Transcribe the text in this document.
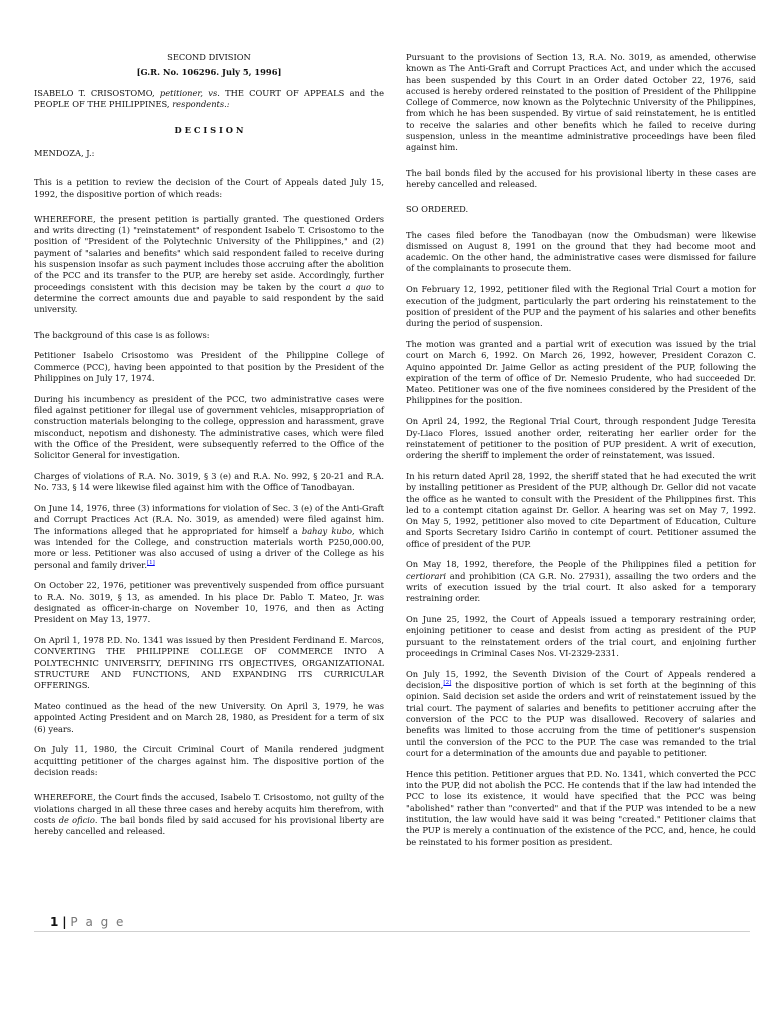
SECOND DIVISION

[G.R. No. 106296. July 5, 1996]

ISABELO T. CRISOSTOMO, petitioner, vs. THE COURT OF APPEALS and the PEOPLE OF THE PHILIPPINES, respondents.:

D E C I S I O N

MENDOZA, J.:

This is a petition to review the decision of the Court of Appeals dated July 15, 1992, the dispositive portion of which reads:

WHEREFORE, the present petition is partially granted. The questioned Orders and writs directing (1) "reinstatement" of respondent Isabelo T. Crisostomo to the position of "President of the Polytechnic University of the Philippines," and (2) payment of "salaries and benefits" which said respondent failed to receive during his suspension insofar as such payment includes those accruing after the abolition of the PCC and its transfer to the PUP, are hereby set aside. Accordingly, further proceedings consistent with this decision may be taken by the court a quo to determine the correct amounts due and payable to said respondent by the said university.

The background of this case is as follows:

Petitioner Isabelo Crisostomo was President of the Philippine College of Commerce (PCC), having been appointed to that position by the President of the Philippines on July 17, 1974.

During his incumbency as president of the PCC, two administrative cases were filed against petitioner for illegal use of government vehicles, misappropriation of construction materials belonging to the college, oppression and harassment, grave misconduct, nepotism and dishonesty. The administrative cases, which were filed with the Office of the President, were subsequently referred to the Office of the Solicitor General for investigation.

Charges of violations of R.A. No. 3019, § 3 (e) and R.A. No. 992, § 20-21 and R.A. No. 733, § 14 were likewise filed against him with the Office of Tanodbayan.

On June 14, 1976, three (3) informations for violation of Sec. 3 (e) of the Anti-Graft and Corrupt Practices Act (R.A. No. 3019, as amended) were filed against him. The informations alleged that he appropriated for himself a bahay kubo, which was intended for the College, and construction materials worth P250,000.00, more or less. Petitioner was also accused of using a driver of the College as his personal and family driver.[1]

On October 22, 1976, petitioner was preventively suspended from office pursuant to R.A. No. 3019, § 13, as amended. In his place Dr. Pablo T. Mateo, Jr. was designated as officer-in-charge on November 10, 1976, and then as Acting President on May 13, 1977.

On April 1, 1978 P.D. No. 1341 was issued by then President Ferdinand E. Marcos, CONVERTING THE PHILIPPINE COLLEGE OF COMMERCE INTO A POLYTECHNIC UNIVERSITY, DEFINING ITS OBJECTIVES, ORGANIZATIONAL STRUCTURE AND FUNCTIONS, AND EXPANDING ITS CURRICULAR OFFERINGS.

Mateo continued as the head of the new University. On April 3, 1979, he was appointed Acting President and on March 28, 1980, as President for a term of six (6) years.

On July 11, 1980, the Circuit Criminal Court of Manila rendered judgment acquitting petitioner of the charges against him. The dispositive portion of the decision reads:

WHEREFORE, the Court finds the accused, Isabelo T. Crisostomo, not guilty of the violations charged in all these three cases and hereby acquits him therefrom, with costs de oficio. The bail bonds filed by said accused for his provisional liberty are hereby cancelled and released.

Pursuant to the provisions of Section 13, R.A. No. 3019, as amended, otherwise known as The Anti-Graft and Corrupt Practices Act, and under which the accused has been suspended by this Court in an Order dated October 22, 1976, said accused is hereby ordered reinstated to the position of President of the Philippine College of Commerce, now known as the Polytechnic University of the Philippines, from which he has been suspended. By virtue of said reinstatement, he is entitled to receive the salaries and other benefits which he failed to receive during suspension, unless in the meantime administrative proceedings have been filed against him.

The bail bonds filed by the accused for his provisional liberty in these cases are hereby cancelled and released.

SO ORDERED.

The cases filed before the Tanodbayan (now the Ombudsman) were likewise dismissed on August 8, 1991 on the ground that they had become moot and academic. On the other hand, the administrative cases were dismissed for failure of the complainants to prosecute them.

On February 12, 1992, petitioner filed with the Regional Trial Court a motion for execution of the judgment, particularly the part ordering his reinstatement to the position of president of the PUP and the payment of his salaries and other benefits during the period of suspension.

The motion was granted and a partial writ of execution was issued by the trial court on March 6, 1992. On March 26, 1992, however, President Corazon C. Aquino appointed Dr. Jaime Gellor as acting president of the PUP, following the expiration of the term of office of Dr. Nemesio Prudente, who had succeeded Dr. Mateo. Petitioner was one of the five nominees considered by the President of the Philippines for the position.

On April 24, 1992, the Regional Trial Court, through respondent Judge Teresita Dy-Liaco Flores, issued another order, reiterating her earlier order for the reinstatement of petitioner to the position of PUP president. A writ of execution, ordering the sheriff to implement the order of reinstatement, was issued.

In his return dated April 28, 1992, the sheriff stated that he had executed the writ by installing petitioner as President of the PUP, although Dr. Gellor did not vacate the office as he wanted to consult with the President of the Philippines first. This led to a contempt citation against Dr. Gellor. A hearing was set on May 7, 1992. On May 5, 1992, petitioner also moved to cite Department of Education, Culture and Sports Secretary Isidro Cariño in contempt of court. Petitioner assumed the office of president of the PUP.

On May 18, 1992, therefore, the People of the Philippines filed a petition for certiorari and prohibition (CA G.R. No. 27931), assailing the two orders and the writs of execution issued by the trial court. It also asked for a temporary restraining order.

On June 25, 1992, the Court of Appeals issued a temporary restraining order, enjoining petitioner to cease and desist from acting as president of the PUP pursuant to the reinstatement orders of the trial court, and enjoining further proceedings in Criminal Cases Nos. VI-2329-2331.

On July 15, 1992, the Seventh Division of the Court of Appeals rendered a decision,[2] the dispositive portion of which is set forth at the beginning of this opinion. Said decision set aside the orders and writ of reinstatement issued by the trial court. The payment of salaries and benefits to petitioner accruing after the conversion of the PCC to the PUP was disallowed. Recovery of salaries and benefits was limited to those accruing from the time of petitioner's suspension until the conversion of the PCC to the PUP. The case was remanded to the trial court for a determination of the amounts due and payable to petitioner.

Hence this petition. Petitioner argues that P.D. No. 1341, which converted the PCC into the PUP, did not abolish the PCC. He contends that if the law had intended the PCC to lose its existence, it would have specified that the PCC was being "abolished" rather than "converted" and that if the PUP was intended to be a new institution, the law would have said it was being "created." Petitioner claims that the PUP is merely a continuation of the existence of the PCC, and, hence, he could be reinstated to his former position as president.

1 | P a g e
